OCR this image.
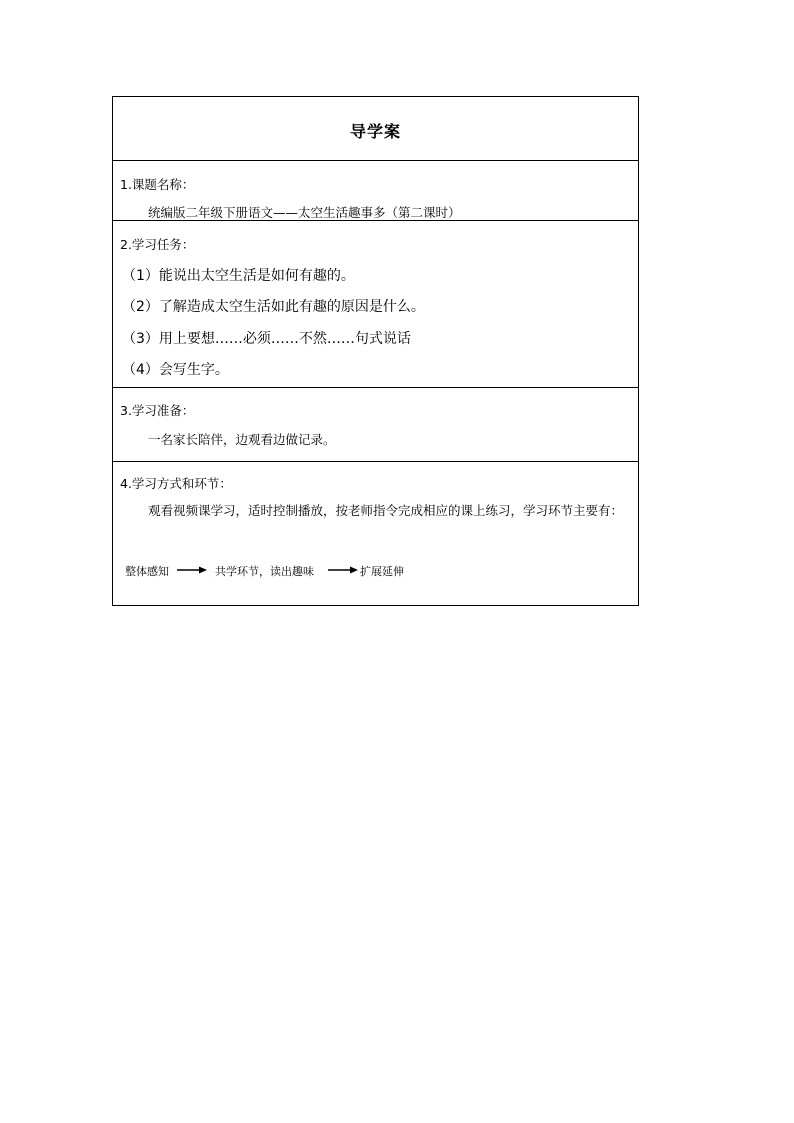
导学案
1.课题名称：
统编版二年级下册语文——太空生活趣事多（第二课时）
2.学习任务：
（1）能说出太空生活是如何有趣的。
（2）了解造成太空生活如此有趣的原因是什么。
（3）用上要想……必须……不然……句式说话
（4）会写生字。
3.学习准备：
一名家长陪伴，边观看边做记录。
4.学习方式和环节：
观看视频课学习，适时控制播放，按老师指令完成相应的课上练习，学习环节主要有：
整体感知	共学环节，读出趣味	扩展延伸
